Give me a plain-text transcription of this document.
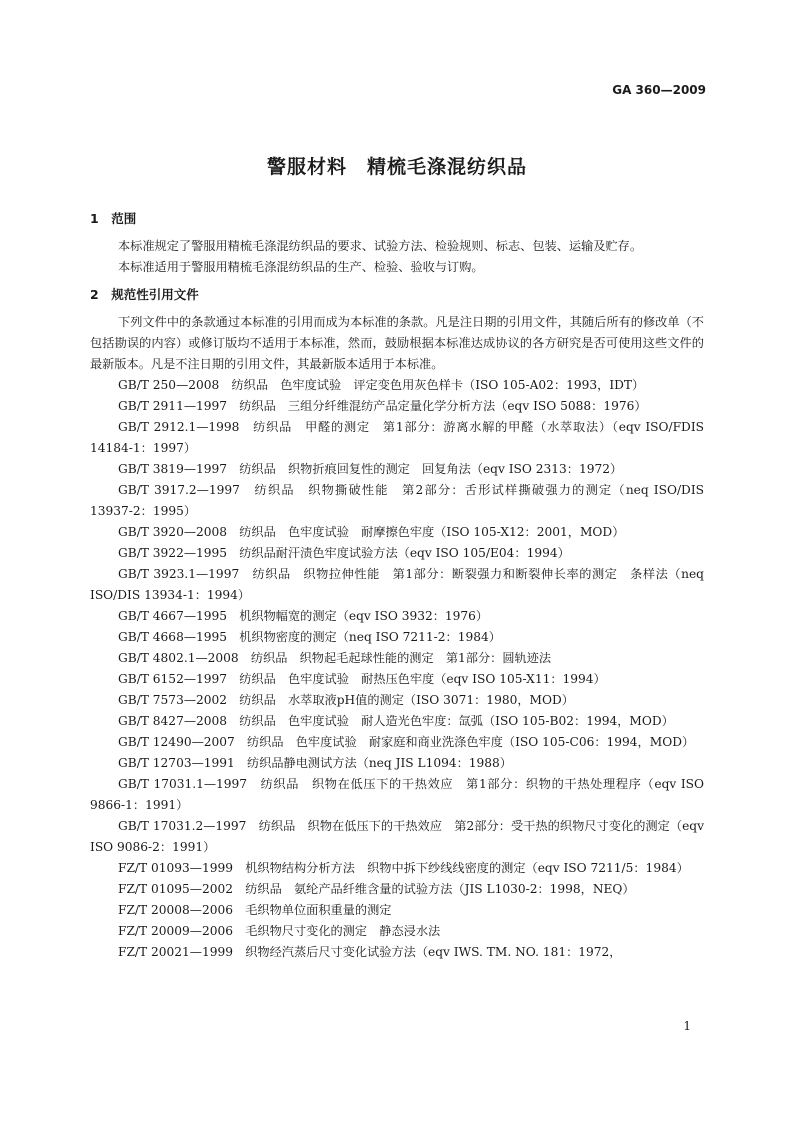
GA 360—2009
警服材料　精梳毛涤混纺织品
1　范围
本标准规定了警服用精梳毛涤混纺织品的要求、试验方法、检验规则、标志、包装、运输及贮存。
本标准适用于警服用精梳毛涤混纺织品的生产、检验、验收与订购。
2　规范性引用文件
下列文件中的条款通过本标准的引用而成为本标准的条款。凡是注日期的引用文件，其随后所有的修改单（不包括勘误的内容）或修订版均不适用于本标准，然而，鼓励根据本标准达成协议的各方研究是否可使用这些文件的最新版本。凡是不注日期的引用文件，其最新版本适用于本标准。
GB/T 250—2008　纺织品　色牢度试验　评定变色用灰色样卡（ISO 105-A02：1993，IDT）
GB/T 2911—1997　纺织品　三组分纤维混纺产品定量化学分析方法（eqv ISO 5088：1976）
GB/T 2912.1—1998　纺织品　甲醛的测定　第1部分：游离水解的甲醛（水萃取法）（eqv ISO/FDIS 14184-1：1997）
GB/T 3819—1997　纺织品　织物折痕回复性的测定　回复角法（eqv ISO 2313：1972）
GB/T 3917.2—1997　纺织品　织物撕破性能　第2部分：舌形试样撕破强力的测定（neq ISO/DIS 13937-2：1995）
GB/T 3920—2008　纺织品　色牢度试验　耐摩擦色牢度（ISO 105-X12：2001，MOD）
GB/T 3922—1995　纺织品耐汗渍色牢度试验方法（eqv ISO 105/E04：1994）
GB/T 3923.1—1997　纺织品　织物拉伸性能　第1部分：断裂强力和断裂伸长率的测定　条样法（neq ISO/DIS 13934-1：1994）
GB/T 4667—1995　机织物幅宽的测定（eqv ISO 3932：1976）
GB/T 4668—1995　机织物密度的测定（neq ISO 7211-2：1984）
GB/T 4802.1—2008　纺织品　织物起毛起球性能的测定　第1部分：圆轨迹法
GB/T 6152—1997　纺织品　色牢度试验　耐热压色牢度（eqv ISO 105-X11：1994）
GB/T 7573—2002　纺织品　水萃取液pH值的测定（ISO 3071：1980，MOD）
GB/T 8427—2008　纺织品　色牢度试验　耐人造光色牢度：氙弧（ISO 105-B02：1994，MOD）
GB/T 12490—2007　纺织品　色牢度试验　耐家庭和商业洗涤色牢度（ISO 105-C06：1994，MOD）
GB/T 12703—1991　纺织品静电测试方法（neq JIS L1094：1988）
GB/T 17031.1—1997　纺织品　织物在低压下的干热效应　第1部分：织物的干热处理程序（eqv ISO 9866-1：1991）
GB/T 17031.2—1997　纺织品　织物在低压下的干热效应　第2部分：受干热的织物尺寸变化的测定（eqv ISO 9086-2：1991）
FZ/T 01093—1999　机织物结构分析方法　织物中拆下纱线线密度的测定（eqv ISO 7211/5：1984）
FZ/T 01095—2002　纺织品　氨纶产品纤维含量的试验方法（JIS L1030-2：1998，NEQ）
FZ/T 20008—2006　毛织物单位面积重量的测定
FZ/T 20009—2006　毛织物尺寸变化的测定　静态浸水法
FZ/T 20021—1999　织物经汽蒸后尺寸变化试验方法（eqv IWS. TM. NO. 181：1972，
1
